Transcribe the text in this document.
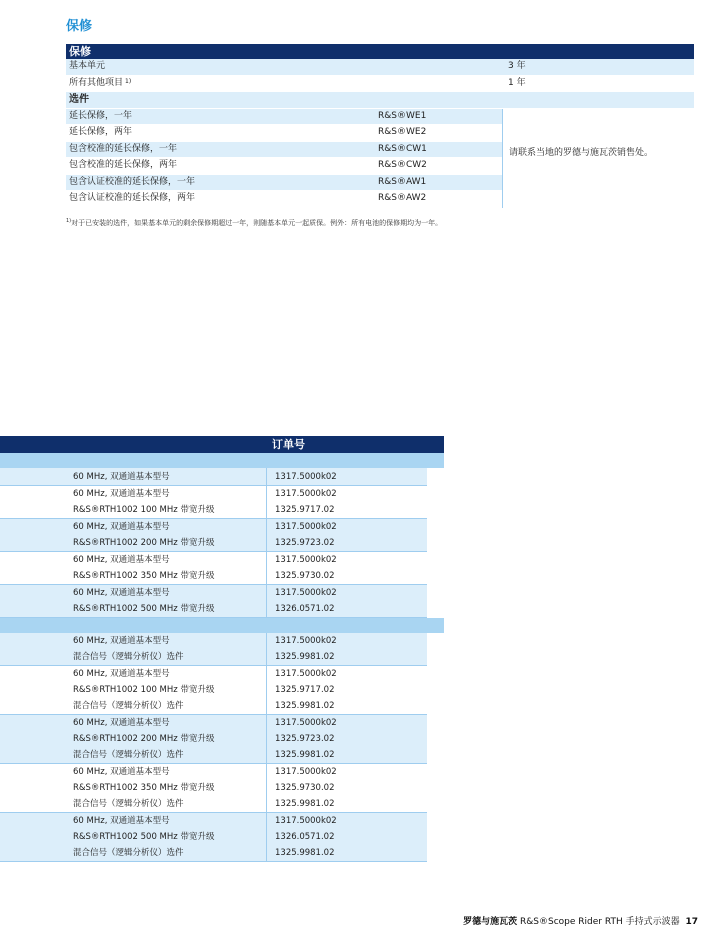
保修
保修
基本单元	3 年
所有其他项目 $^{1)}$	1 年
选件
延长保修，一年	R&S®WE1
延长保修，两年	R&S®WE2
包含校准的延长保修，一年	R&S®CW1
包含校准的延长保修，两年	R&S®CW2
包含认证校准的延长保修，一年	R&S®AW1
包含认证校准的延长保修，两年	R&S®AW2
请联系当地的罗德与施瓦茨销售处。
$^{1)}$对于已安装的选件，如果基本单元的剩余保修期超过一年，则随基本单元一起质保。例外：所有电池的保修期均为一年。
订单号
60 MHz, 双通道基本型号	1317.5000k02
60 MHz, 双通道基本型号	1317.5000k02
R&S®RTH1002 100 MHz 带宽升级	1325.9717.02
60 MHz, 双通道基本型号	1317.5000k02
R&S®RTH1002 200 MHz 带宽升级	1325.9723.02
60 MHz, 双通道基本型号	1317.5000k02
R&S®RTH1002 350 MHz 带宽升级	1325.9730.02
60 MHz, 双通道基本型号	1317.5000k02
R&S®RTH1002 500 MHz 带宽升级	1326.0571.02
60 MHz, 双通道基本型号	1317.5000k02
混合信号（逻辑分析仪）选件	1325.9981.02
60 MHz, 双通道基本型号	1317.5000k02
R&S®RTH1002 100 MHz 带宽升级	1325.9717.02
混合信号（逻辑分析仪）选件	1325.9981.02
60 MHz, 双通道基本型号	1317.5000k02
R&S®RTH1002 200 MHz 带宽升级	1325.9723.02
混合信号（逻辑分析仪）选件	1325.9981.02
60 MHz, 双通道基本型号	1317.5000k02
R&S®RTH1002 350 MHz 带宽升级	1325.9730.02
混合信号（逻辑分析仪）选件	1325.9981.02
60 MHz, 双通道基本型号	1317.5000k02
R&S®RTH1002 500 MHz 带宽升级	1326.0571.02
混合信号（逻辑分析仪）选件	1325.9981.02
罗德与施瓦茨 R&S®Scope Rider RTH 手持式示波器 17
